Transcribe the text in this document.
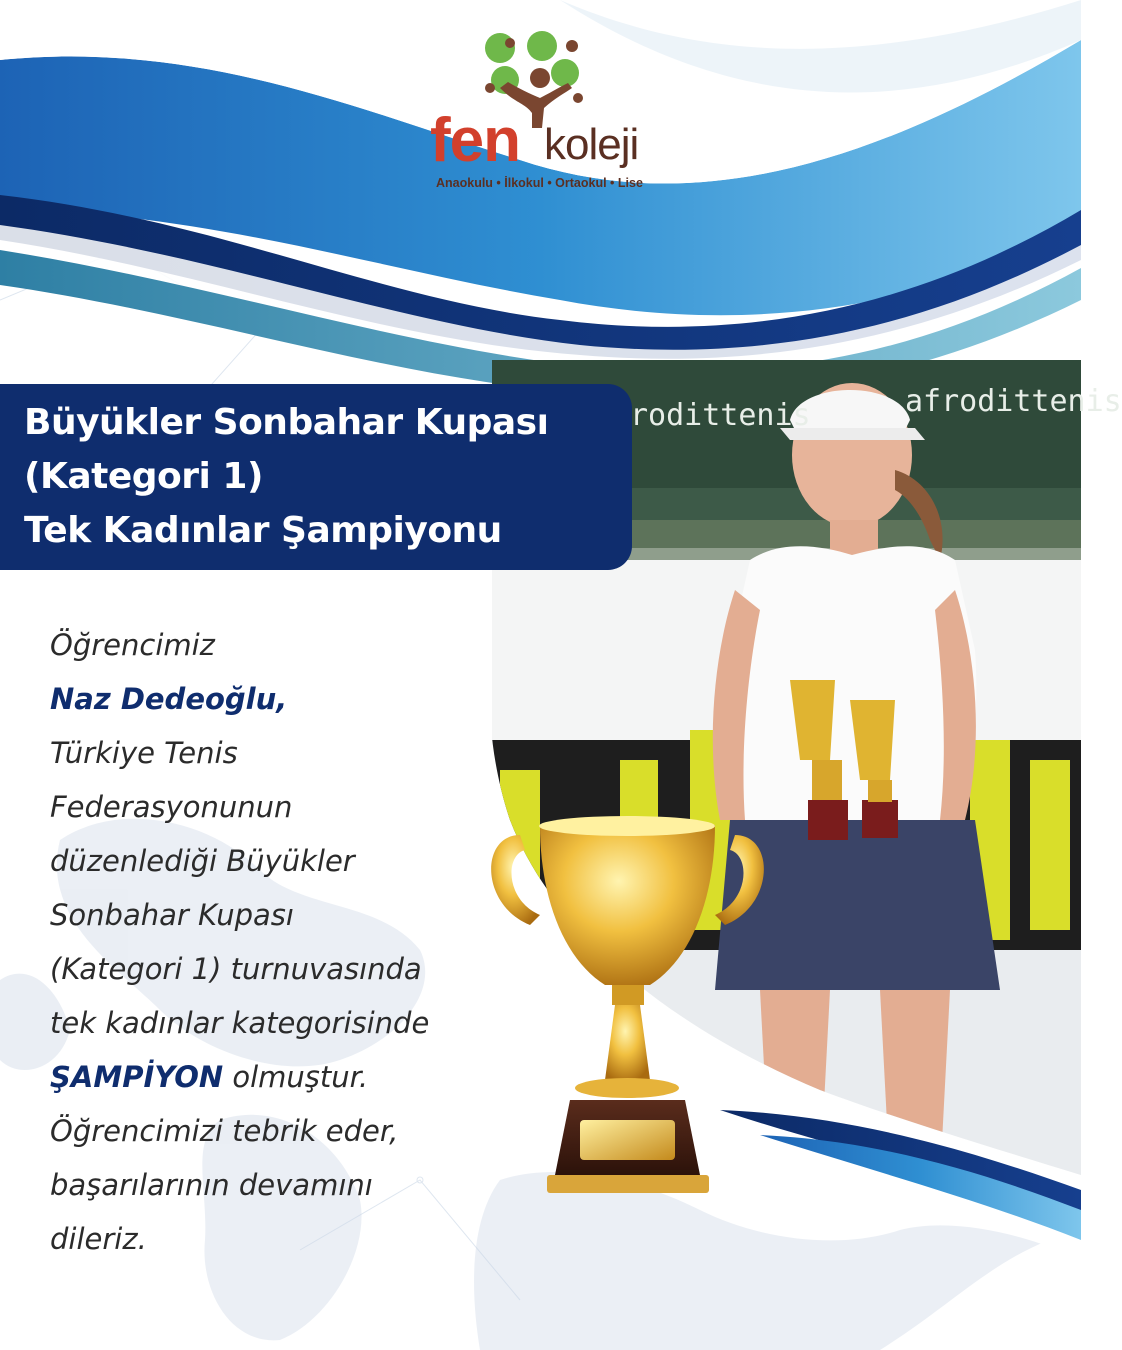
fen koleji
Anaokulu • İlkokul • Ortaokul • Lise
Büyükler Sonbahar Kupası
(Kategori 1)
Tek Kadınlar Şampiyonu
Öğrencimiz
Naz Dedeoğlu,
Türkiye Tenis
Federasyonunun
düzenlediği Büyükler
Sonbahar Kupası
(Kategori 1) turnuvasında
tek kadınlar kategorisinde
ŞAMPİYON olmuştur.
Öğrencimizi tebrik eder,
başarılarının devamını
dileriz.
rodittenis	afrodittenis
